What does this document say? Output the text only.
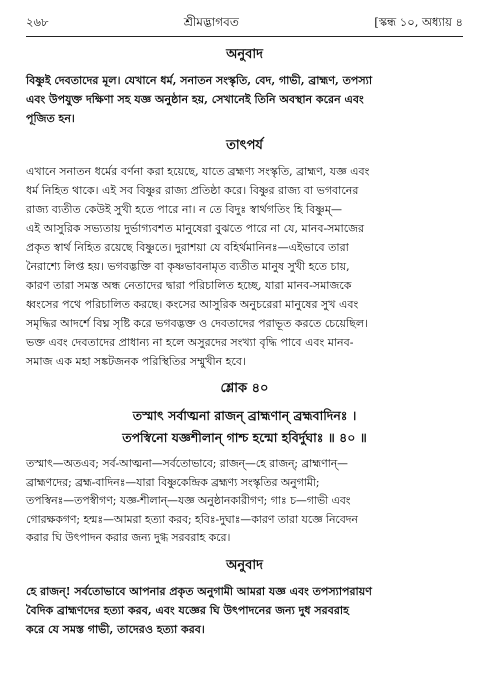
২৬৮	শ্রীমদ্ভাগবত	[স্কন্ধ ১০, অধ্যায় ৪
অনুবাদ
বিষ্ণুই দেবতাদের মূল। যেখানে ধর্ম, সনাতন সংস্কৃতি, বেদ, গাভী, ব্রাহ্মণ, তপস্যা
এবং উপযুক্ত দক্ষিণা সহ যজ্ঞ অনুষ্ঠান হয়, সেখানেই তিনি অবস্থান করেন এবং
পূজিত হন।
তাৎপর্য
এখানে সনাতন ধর্মের বর্ণনা করা হয়েছে, যাতে ব্রহ্মণ্য সংস্কৃতি, ব্রাহ্মণ, যজ্ঞ এবং
ধর্ম নিহিত থাকে। এই সব বিষ্ণুর রাজ্য প্রতিষ্ঠা করে। বিষ্ণুর রাজ্য বা ভগবানের
রাজ্য ব্যতীত কেউই সুখী হতে পারে না। ন তে বিদুঃ স্বার্থগতিং হি বিষ্ণুম্—
এই আসুরিক সভ্যতায় দুর্ভাগ্যবশত মানুষেরা বুঝতে পারে না যে, মানব-সমাজের
প্রকৃত স্বার্থ নিহিত রয়েছে বিষ্ণুতে। দুরাশয়া যে বহির্থমানিনঃ—এইভাবে তারা
নৈরাশ্যে লিপ্ত হয়। ভগবদ্ভক্তি বা কৃষ্ণভাবনামৃত ব্যতীত মানুষ সুখী হতে চায়,
কারণ তারা সমস্ত অন্ধ নেতাদের দ্বারা পরিচালিত হচ্ছে, যারা মানব-সমাজকে
ধ্বংসের পথে পরিচালিত করছে। কংসের আসুরিক অনুচরেরা মানুষের সুখ এবং
সমৃদ্ধির আদর্শে বিঘ্ন সৃষ্টি করে ভগবদ্ভক্ত ও দেবতাদের পরাভূত করতে চেয়েছিল।
ভক্ত এবং দেবতাদের প্রাধান্য না হলে অসুরদের সংখ্যা বৃদ্ধি পাবে এবং মানব-
সমাজ এক মহা সঙ্কটজনক পরিস্থিতির সম্মুখীন হবে।
শ্লোক ৪০
তস্মাৎ সর্বাত্মনা রাজন্ ব্রাহ্মণান্ ব্রহ্মবাদিনঃ ।
তপস্বিনো যজ্ঞশীলান্ গাশ্চ হন্মো হবির্দুঘাঃ ॥ ৪০ ॥
তস্মাৎ—অতএব; সর্ব-আত্মনা—সর্বতোভাবে; রাজন্—হে রাজন্; ব্রাহ্মণান্—
ব্রাহ্মণদের; ব্রহ্ম-বাদিনঃ—যারা বিষ্ণুকেন্দ্রিক ব্রহ্মণ্য সংস্কৃতির অনুগামী;
তপস্বিনঃ—তপস্বীগণ; যজ্ঞ-শীলান্—যজ্ঞ অনুষ্ঠানকারীগণ; গাঃ চ—গাভী এবং
গোরক্ষকগণ; হন্মঃ—আমরা হত্যা করব; হবিঃ-দুঘাঃ—কারণ তারা যজ্ঞে নিবেদন
করার ঘি উৎপাদন করার জন্য দুগ্ধ সরবরাহ করে।
অনুবাদ
হে রাজন্! সর্বতোভাবে আপনার প্রকৃত অনুগামী আমরা যজ্ঞ এবং তপস্যাপরায়ণ
বৈদিক ব্রাহ্মণদের হত্যা করব, এবং যজ্ঞের ঘি উৎপাদনের জন্য দুধ সরবরাহ
করে যে সমস্ত গাভী, তাদেরও হত্যা করব।
